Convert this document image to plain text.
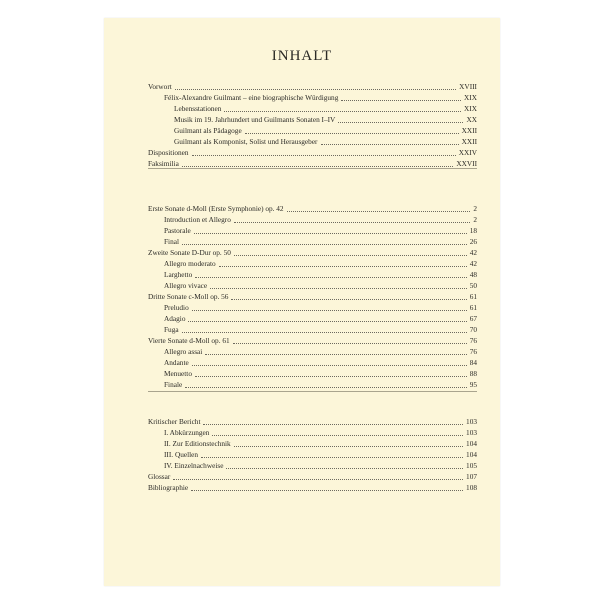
INHALT
Vorwort	XVIII
Félix-Alexandre Guilmant – eine biographische Würdigung	XIX
Lebensstationen	XIX
Musik im 19. Jahrhundert und Guilmants Sonaten I–IV	XX
Guilmant als Pädagoge	XXII
Guilmant als Komponist, Solist und Herausgeber	XXII
Dispositionen	XXIV
Faksimilia	XXVII
Erste Sonate d-Moll (Erste Symphonie) op. 42	2
Introduction et Allegro	2
Pastorale	18
Final	26
Zweite Sonate D-Dur op. 50	42
Allegro moderato	42
Larghetto	48
Allegro vivace	50
Dritte Sonate c-Moll op. 56	61
Preludio	61
Adagio	67
Fuga	70
Vierte Sonate d-Moll op. 61	76
Allegro assai	76
Andante	84
Menuetto	88
Finale	95
Kritischer Bericht	103
I. Abkürzungen	103
II. Zur Editionstechnik	104
III. Quellen	104
IV. Einzelnachweise	105
Glossar	107
Bibliographie	108
